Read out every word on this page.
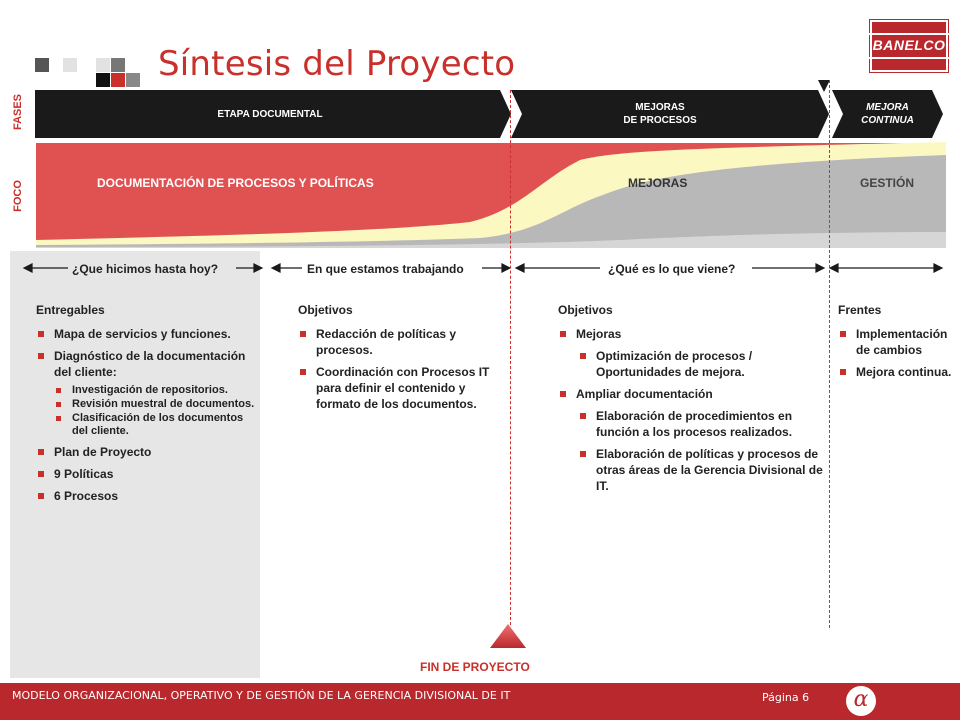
Síntesis del Proyecto	BANELCO
FASES
FOCO
ETAPA DOCUMENTAL
MEJORAS
DE PROCESOS
MEJORA
CONTINUA
DOCUMENTACIÓN DE PROCESOS Y POLÍTICAS	MEJORAS	GESTIÓN
¿Que hicimos hasta hoy?	En que estamos trabajando	¿Qué es lo que viene?
Entregables
Mapa de servicios y funciones.
Diagnóstico de la documentación del cliente:
Investigación de repositorios.
Revisión muestral de documentos.
Clasificación de los documentos del cliente.
Plan de Proyecto
9 Políticas
6 Procesos
Objetivos
Redacción de políticas y procesos.
Coordinación con Procesos IT para definir el contenido y formato de los documentos.
Objetivos
Mejoras
Optimización de procesos / Oportunidades de mejora.
Ampliar documentación
Elaboración de procedimientos en función a los procesos realizados.
Elaboración de políticas y procesos de otras áreas de la Gerencia Divisional de IT.
Frentes
Implementación de cambios
Mejora continua.
FIN DE PROYECTO
MODELO ORGANIZACIONAL, OPERATIVO Y DE GESTIÓN DE LA GERENCIA DIVISIONAL DE IT	Página 6	α
